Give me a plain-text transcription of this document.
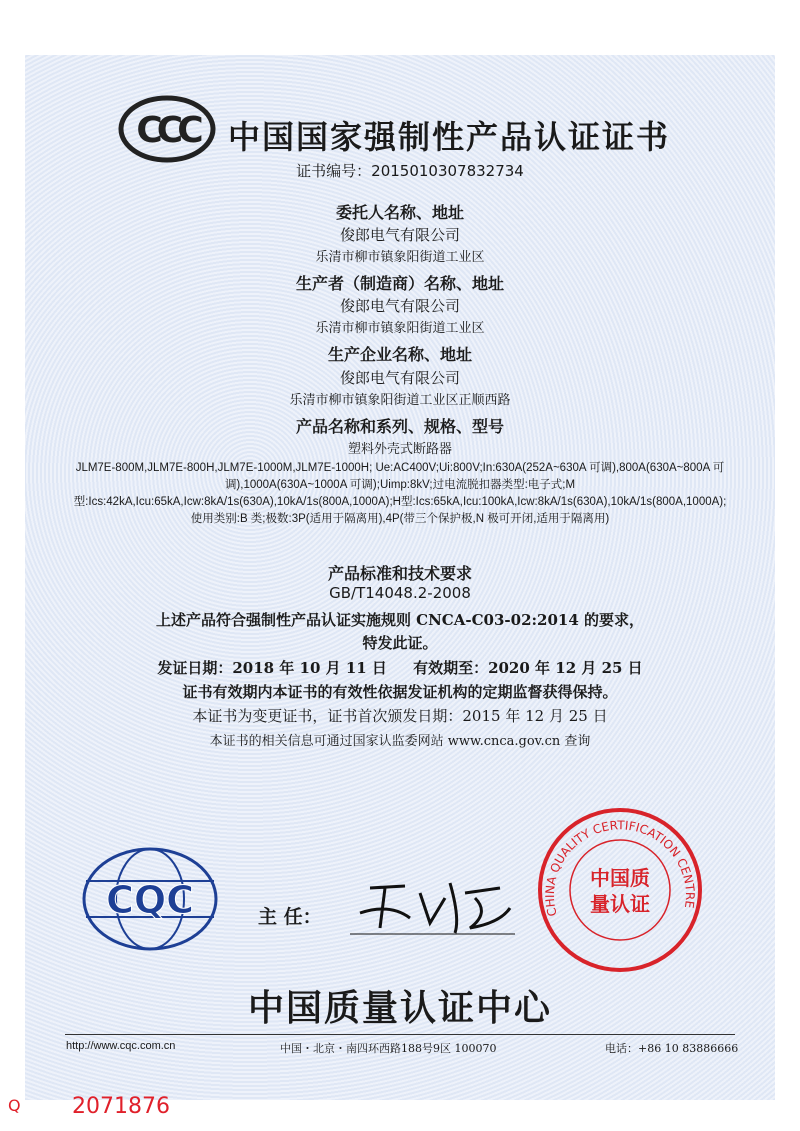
CCC 中国国家强制性产品认证证书
证书编号：2015010307832734
委托人名称、地址
俊郎电气有限公司
乐清市柳市镇象阳街道工业区
生产者（制造商）名称、地址
俊郎电气有限公司
乐清市柳市镇象阳街道工业区
生产企业名称、地址
俊郎电气有限公司
乐清市柳市镇象阳街道工业区正顺西路
产品名称和系列、规格、型号
塑料外壳式断路器
JLM7E-800M,JLM7E-800H,JLM7E-1000M,JLM7E-1000H; Ue:AC400V;Ui:800V;In:630A(252A~630A 可调),800A(630A~800A 可调),1000A(630A~1000A 可调);Uimp:8kV;过电流脱扣器类型:电子式;M型:Ics:42kA,Icu:65kA,Icw:8kA/1s(630A),10kA/1s(800A,1000A);H型:Ics:65kA,Icu:100kA,Icw:8kA/1s(630A),10kA/1s(800A,1000A);使用类别:B 类;极数:3P(适用于隔离用),4P(带三个保护极,N 极可开闭,适用于隔离用)
产品标准和技术要求
GB/T14048.2-2008
上述产品符合强制性产品认证实施规则 CNCA-C03-02:2014 的要求，
特发此证。
发证日期：2018 年 10 月 11 日 有效期至：2020 年 12 月 25 日
证书有效期内本证书的有效性依据发证机构的定期监督获得保持。
本证书为变更证书，证书首次颁发日期：2015 年 12 月 25 日
本证书的相关信息可通过国家认监委网站 www.cnca.gov.cn 查询
CQC	主 任：	CHINA QUALITY CERTIFICATION CENTRE
中国质
量认证
中国质量认证中心
http://www.cqc.com.cn	中国・北京・南四环西路188号9区 100070	电话：+86 10 83886666
Q 2071876
